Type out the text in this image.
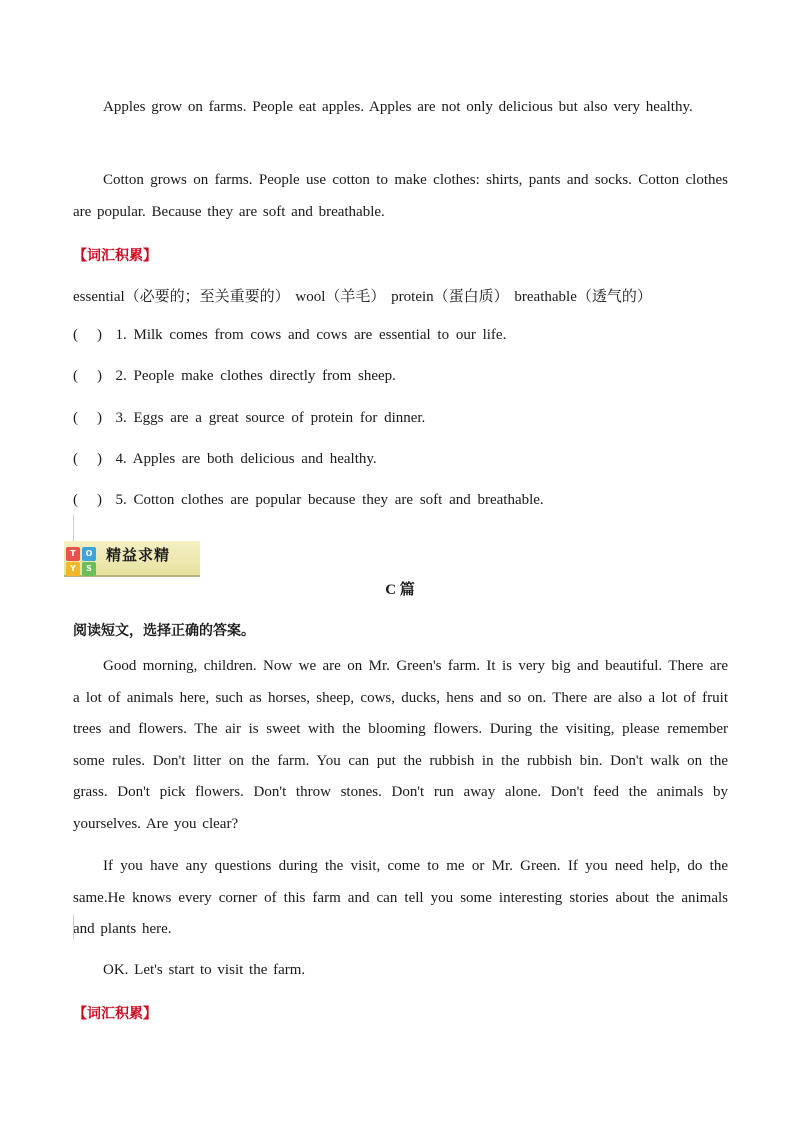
Apples grow on farms. People eat apples. Apples are not only delicious but also very healthy.
Cotton grows on farms. People use cotton to make clothes: shirts, pants and socks. Cotton clothes are popular. Because they are soft and breathable.
【词汇积累】
essential（必要的；至关重要的） wool（羊毛） protein（蛋白质） breathable（透气的）
( ) 1. Milk comes from cows and cows are essential to our life.
( ) 2. People make clothes directly from sheep.
( ) 3. Eggs are a great source of protein for dinner.
( ) 4. Apples are both delicious and healthy.
( ) 5. Cotton clothes are popular because they are soft and breathable.
T	O
Y	S
精益求精
C 篇
阅读短文，选择正确的答案。
Good morning, children. Now we are on Mr. Green's farm. It is very big and beautiful. There are a lot of animals here, such as horses, sheep, cows, ducks, hens and so on. There are also a lot of fruit trees and flowers. The air is sweet with the blooming flowers. During the visiting, please remember some rules. Don't litter on the farm. You can put the rubbish in the rubbish bin. Don't walk on the grass. Don't pick flowers. Don't throw stones. Don't run away alone. Don't feed the animals by yourselves. Are you clear?
If you have any questions during the visit, come to me or Mr. Green. If you need help, do the same.He knows every corner of this farm and can tell you some interesting stories about the animals and plants here.
OK. Let's start to visit the farm.
【词汇积累】
